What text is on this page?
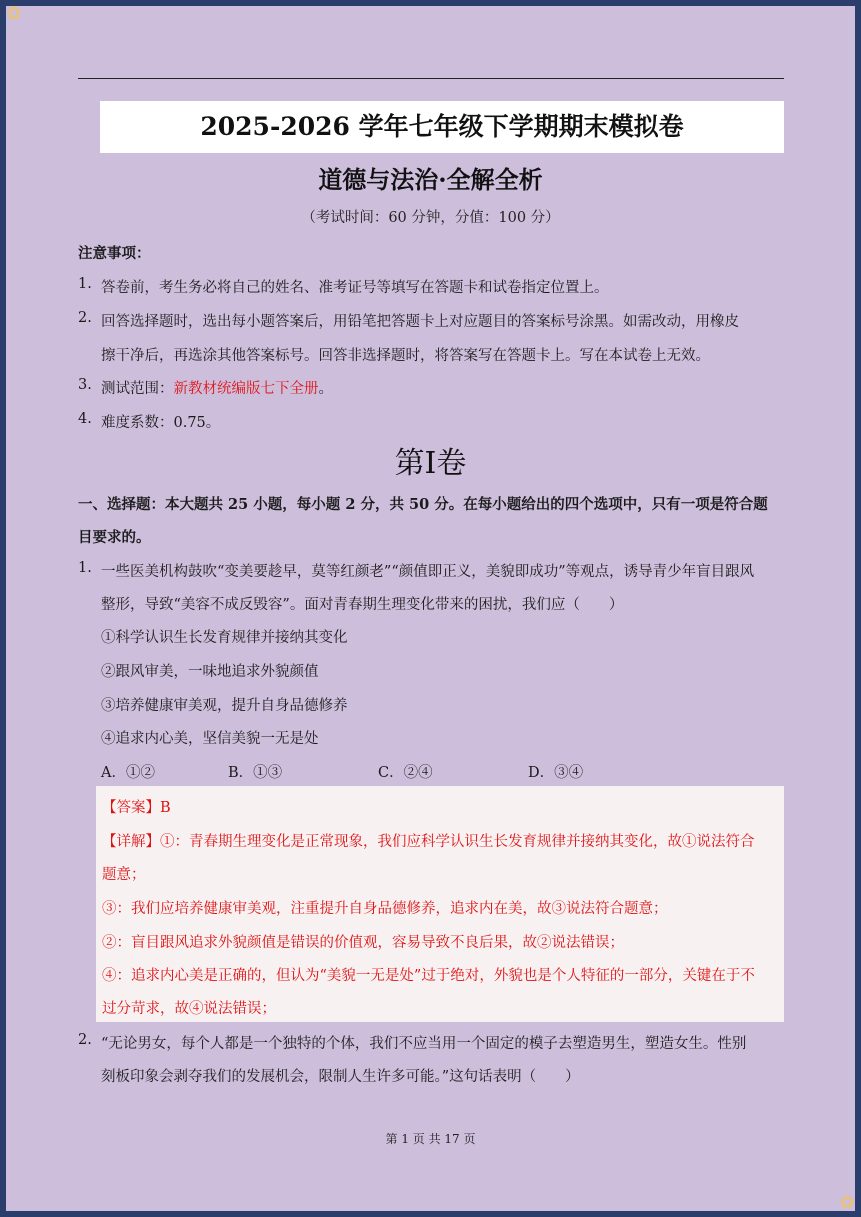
✿
✿
2025-2026 学年七年级下学期期末模拟卷
道德与法治·全解全析
（考试时间：60 分钟，分值：100 分）
注意事项：
1. 答卷前，考生务必将自己的姓名、准考证号等填写在答题卡和试卷指定位置上。
2. 回答选择题时，选出每小题答案后，用铅笔把答题卡上对应题目的答案标号涂黑。如需改动，用橡皮
擦干净后，再选涂其他答案标号。回答非选择题时，将答案写在答题卡上。写在本试卷上无效。
3. 测试范围：新教材统编版七下全册。
4. 难度系数：0.75。
第I卷
一、选择题：本大题共 25 小题，每小题 2 分，共 50 分。在每小题给出的四个选项中，只有一项是符合题
目要求的。
1. 一些医美机构鼓吹“变美要趁早，莫等红颜老”“颜值即正义，美貌即成功”等观点，诱导青少年盲目跟风
整形，导致“美容不成反毁容”。面对青春期生理变化带来的困扰，我们应（　　）
①科学认识生长发育规律并接纳其变化
②跟风审美，一味地追求外貌颜值
③培养健康审美观，提升自身品德修养
④追求内心美，坚信美貌一无是处
A．①②	B．①③	C．②④	D．③④
【答案】B
【详解】①：青春期生理变化是正常现象，我们应科学认识生长发育规律并接纳其变化，故①说法符合
题意；
③：我们应培养健康审美观，注重提升自身品德修养，追求内在美，故③说法符合题意；
②：盲目跟风追求外貌颜值是错误的价值观，容易导致不良后果，故②说法错误；
④：追求内心美是正确的，但认为“美貌一无是处”过于绝对，外貌也是个人特征的一部分，关键在于不
过分苛求，故④说法错误；
2. “无论男女，每个人都是一个独特的个体，我们不应当用一个固定的模子去塑造男生，塑造女生。性别
刻板印象会剥夺我们的发展机会，限制人生许多可能。”这句话表明（　　）
第 1 页 共 17 页
